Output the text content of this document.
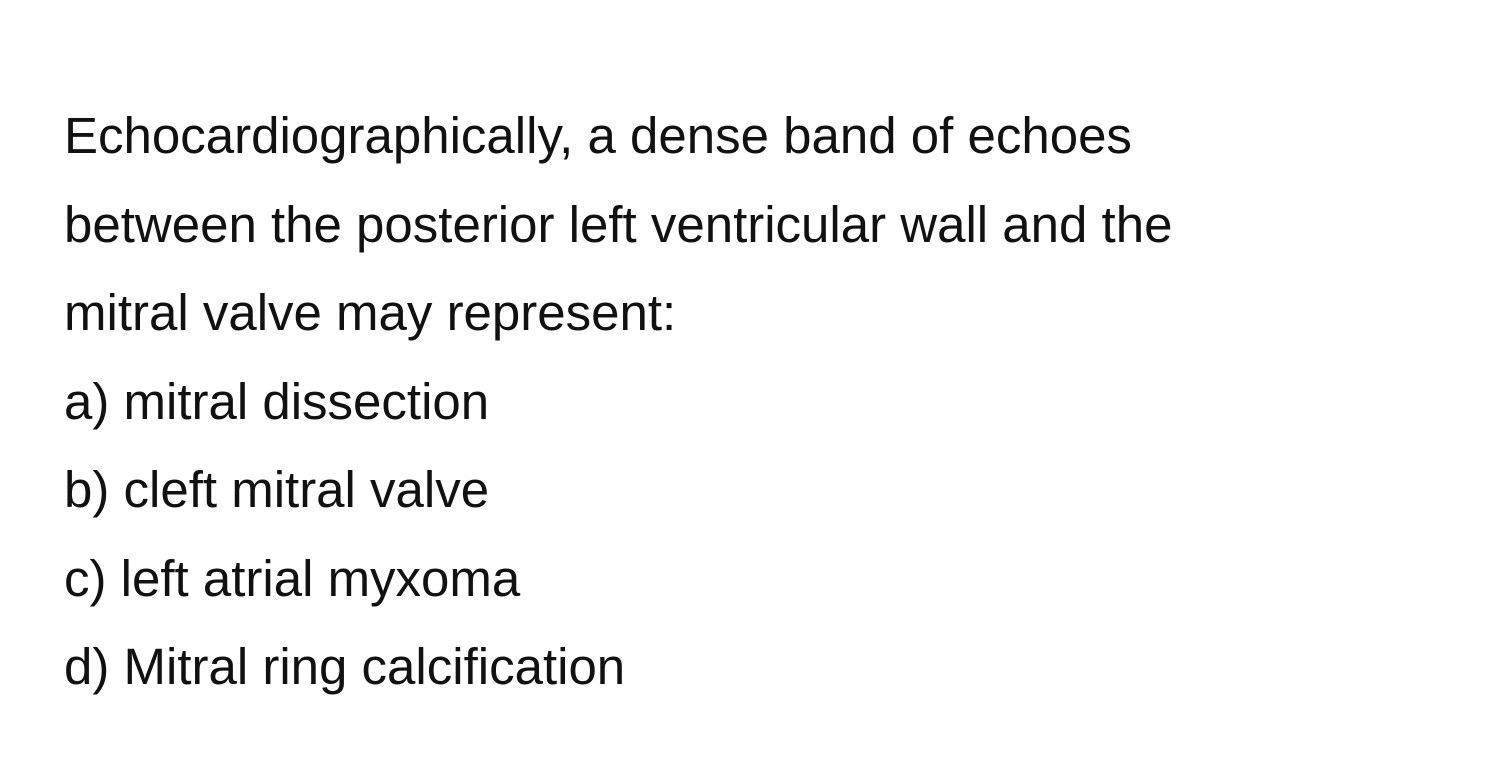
Echocardiographically, a dense band of echoes
between the posterior left ventricular wall and the
mitral valve may represent:
a) mitral dissection
b) cleft mitral valve
c) left atrial myxoma
d) Mitral ring calcification
